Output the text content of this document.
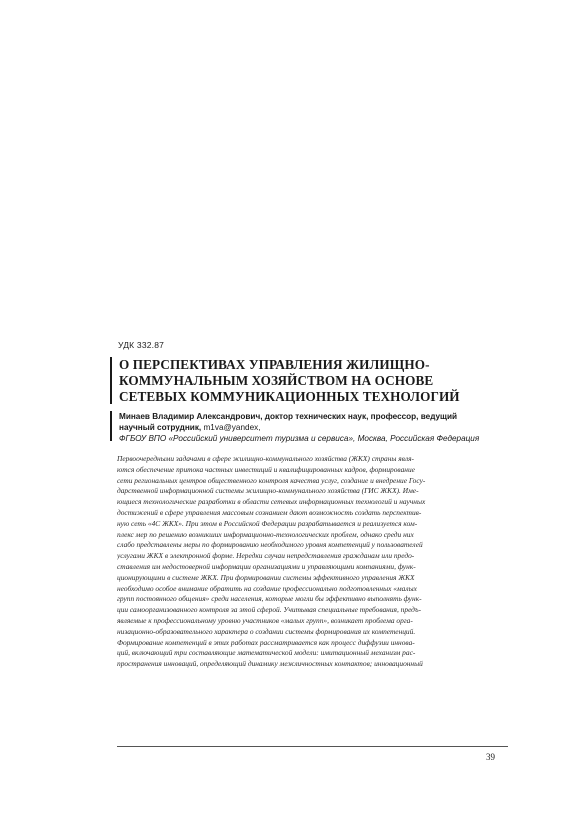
УДК 332.87
О ПЕРСПЕКТИВАХ УПРАВЛЕНИЯ ЖИЛИЩНО-
КОММУНАЛЬНЫМ ХОЗЯЙСТВОМ НА ОСНОВЕ
СЕТЕВЫХ КОММУНИКАЦИОННЫХ ТЕХНОЛОГИЙ
Минаев Владимир Александрович, доктор технических наук, профессор, ведущий
научный сотрудник, m1va@yandex,
ФГБОУ ВПО «Российский университет туризма и сервиса», Москва, Российская Федерация
Первоочередными задачами в сфере жилищно-коммунального хозяйства (ЖКХ) страны явля-
ются обеспечение притока частных инвестиций и квалифицированных кадров, формирование
сети региональных центров общественного контроля качества услуг, создание и внедрение Госу-
дарственной информационной системы жилищно-коммунального хозяйства (ГИС ЖКХ). Име-
ющиеся технологические разработки в области сетевых информационных технологий и научных
достижений в сфере управления массовым сознанием дают возможность создать перспектив-
ную сеть «4С ЖКХ». При этом в Российской Федерации разрабатывается и реализуется ком-
плекс мер по решению возникших информационно-технологических проблем, однако среди них
слабо представлены меры по формированию необходимого уровня компетенций у пользователей
услугами ЖКХ в электронной форме. Нередки случаи непредставления гражданам или предо-
ставления им недостоверной информации организациями и управляющими компаниями, функ-
ционирующими в системе ЖКХ. При формировании системы эффективного управления ЖКХ
необходимо особое внимание обратить на создание профессионально подготовленных «малых
групп постоянного общения» среди населения, которые могли бы эффективно выполнять функ-
ции самоорганизованного контроля за этой сферой. Учитывая специальные требования, предъ-
являемые к профессиональному уровню участников «малых групп», возникает проблема орга-
низационно-образовательного характера о создании системы формирования их компетенций.
Формирование компетенций в этих работах рассматривается как процесс диффузии иннова-
ций, включающий три составляющие математической модели: имитационный механизм рас-
пространения инноваций, определяющий динамику межличностных контактов; инновационный
39
